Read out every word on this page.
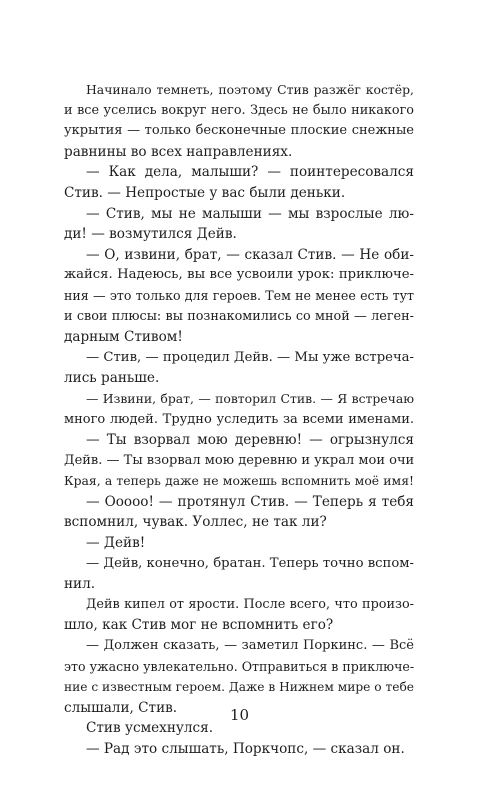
Начинало темнеть, поэтому Стив разжёг костёр,
и все уселись вокруг него. Здесь не было никакого
укрытия — только бесконечные плоские снежные
равнины во всех направлениях.
— Как дела, малыши? — поинтересовался
Стив. — Непростые у вас были деньки.
— Стив, мы не малыши — мы взрослые лю-
ди! — возмутился Дейв.
— О, извини, брат, — сказал Стив. — Не оби-
жайся. Надеюсь, вы все усвоили урок: приключе-
ния — это только для героев. Тем не менее есть тут
и свои плюсы: вы познакомились со мной — леген-
дарным Стивом!
— Стив, — процедил Дейв. — Мы уже встреча-
лись раньше.
— Извини, брат, — повторил Стив. — Я встречаю
много людей. Трудно уследить за всеми именами.
— Ты взорвал мою деревню! — огрызнулся
Дейв. — Ты взорвал мою деревню и украл мои очи
Края, а теперь даже не можешь вспомнить моё имя!
— Ооооо! — протянул Стив. — Теперь я тебя
вспомнил, чувак. Уоллес, не так ли?
— Дейв!
— Дейв, конечно, братан. Теперь точно вспом-
нил.
Дейв кипел от ярости. После всего, что произо-
шло, как Стив мог не вспомнить его?
— Должен сказать, — заметил Поркинс. — Всё
это ужасно увлекательно. Отправиться в приключе-
ние с известным героем. Даже в Нижнем мире о тебе
слышали, Стив.
Стив усмехнулся.
— Рад это слышать, Поркчопс, — сказал он.
10
